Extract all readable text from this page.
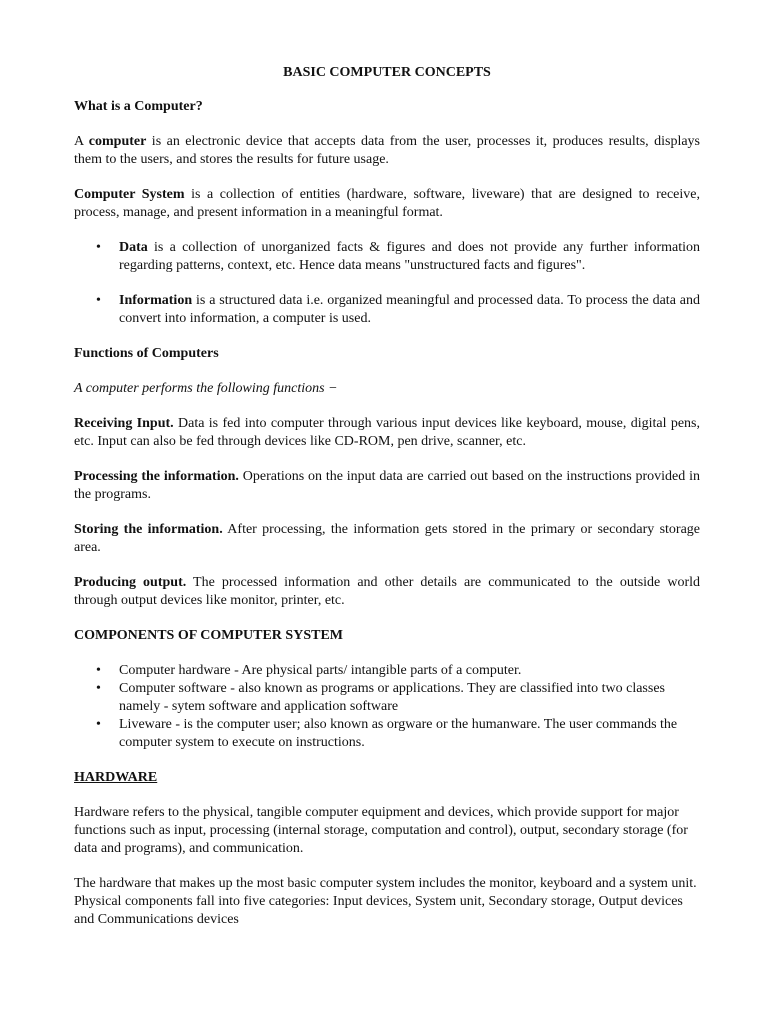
BASIC COMPUTER CONCEPTS
What is a Computer?
A computer is an electronic device that accepts data from the user, processes it, produces results, displays them to the users, and stores the results for future usage.
Computer System is a collection of entities (hardware, software, liveware) that are designed to receive, process, manage, and present information in a meaningful format.
• Data is a collection of unorganized facts & figures and does not provide any further information regarding patterns, context, etc. Hence data means "unstructured facts and figures".
• Information is a structured data i.e. organized meaningful and processed data. To process the data and convert into information, a computer is used.
Functions of Computers
A computer performs the following functions −
Receiving Input. Data is fed into computer through various input devices like keyboard, mouse, digital pens, etc. Input can also be fed through devices like CD-ROM, pen drive, scanner, etc.
Processing the information. Operations on the input data are carried out based on the instructions provided in the programs.
Storing the information. After processing, the information gets stored in the primary or secondary storage area.
Producing output. The processed information and other details are communicated to the outside world through output devices like monitor, printer, etc.
COMPONENTS OF COMPUTER SYSTEM
• Computer hardware - Are physical parts/ intangible parts of a computer.
• Computer software - also known as programs or applications. They are classified into two classes namely - sytem software and application software
• Liveware - is the computer user; also known as orgware or the humanware. The user commands the computer system to execute on instructions.
HARDWARE
Hardware refers to the physical, tangible computer equipment and devices, which provide support for major functions such as input, processing (internal storage, computation and control), output, secondary storage (for data and programs), and communication.
The hardware that makes up the most basic computer system includes the monitor, keyboard and a system unit. Physical components fall into five categories: Input devices, System unit, Secondary storage, Output devices and Communications devices
